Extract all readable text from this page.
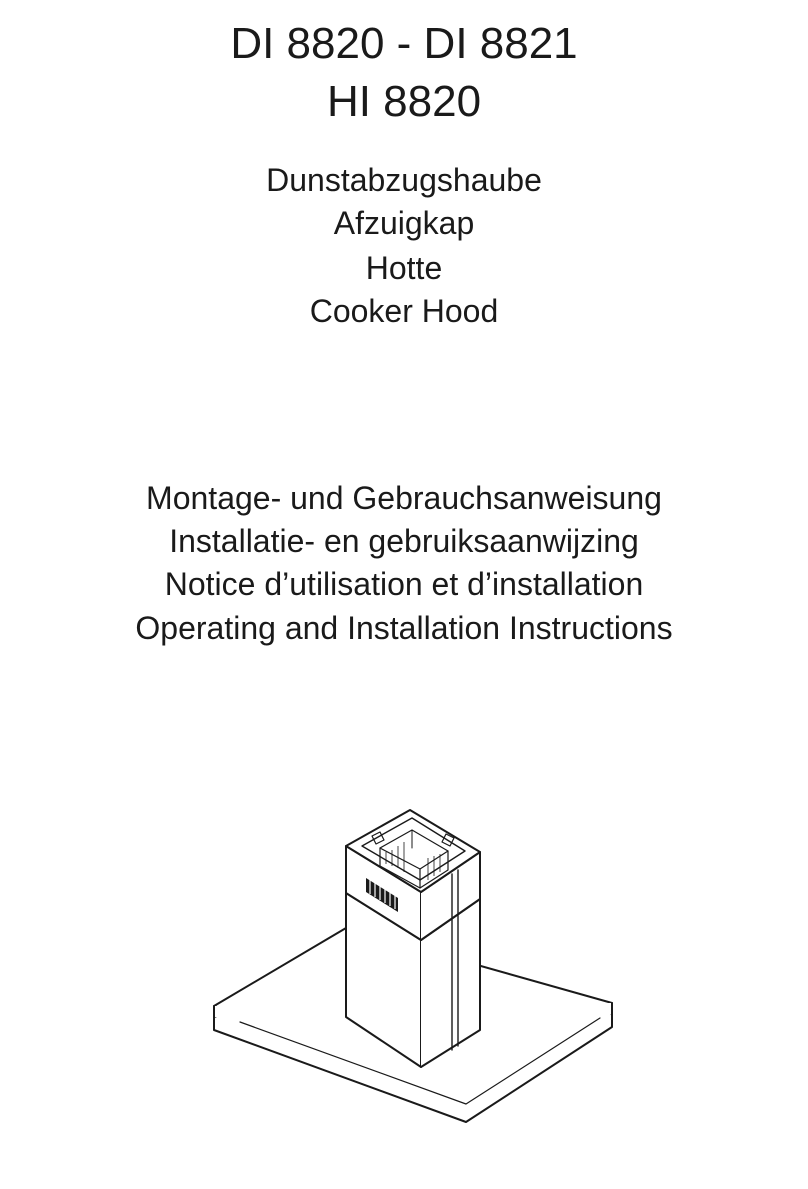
DI 8820 - DI 8821
HI 8820
Dunstabzugshaube
Afzuigkap
Hotte
Cooker Hood
Montage- und Gebrauchsanweisung
Installatie- en gebruiksaanwijzing
Notice d’utilisation et d’installation
Operating and Installation Instructions
